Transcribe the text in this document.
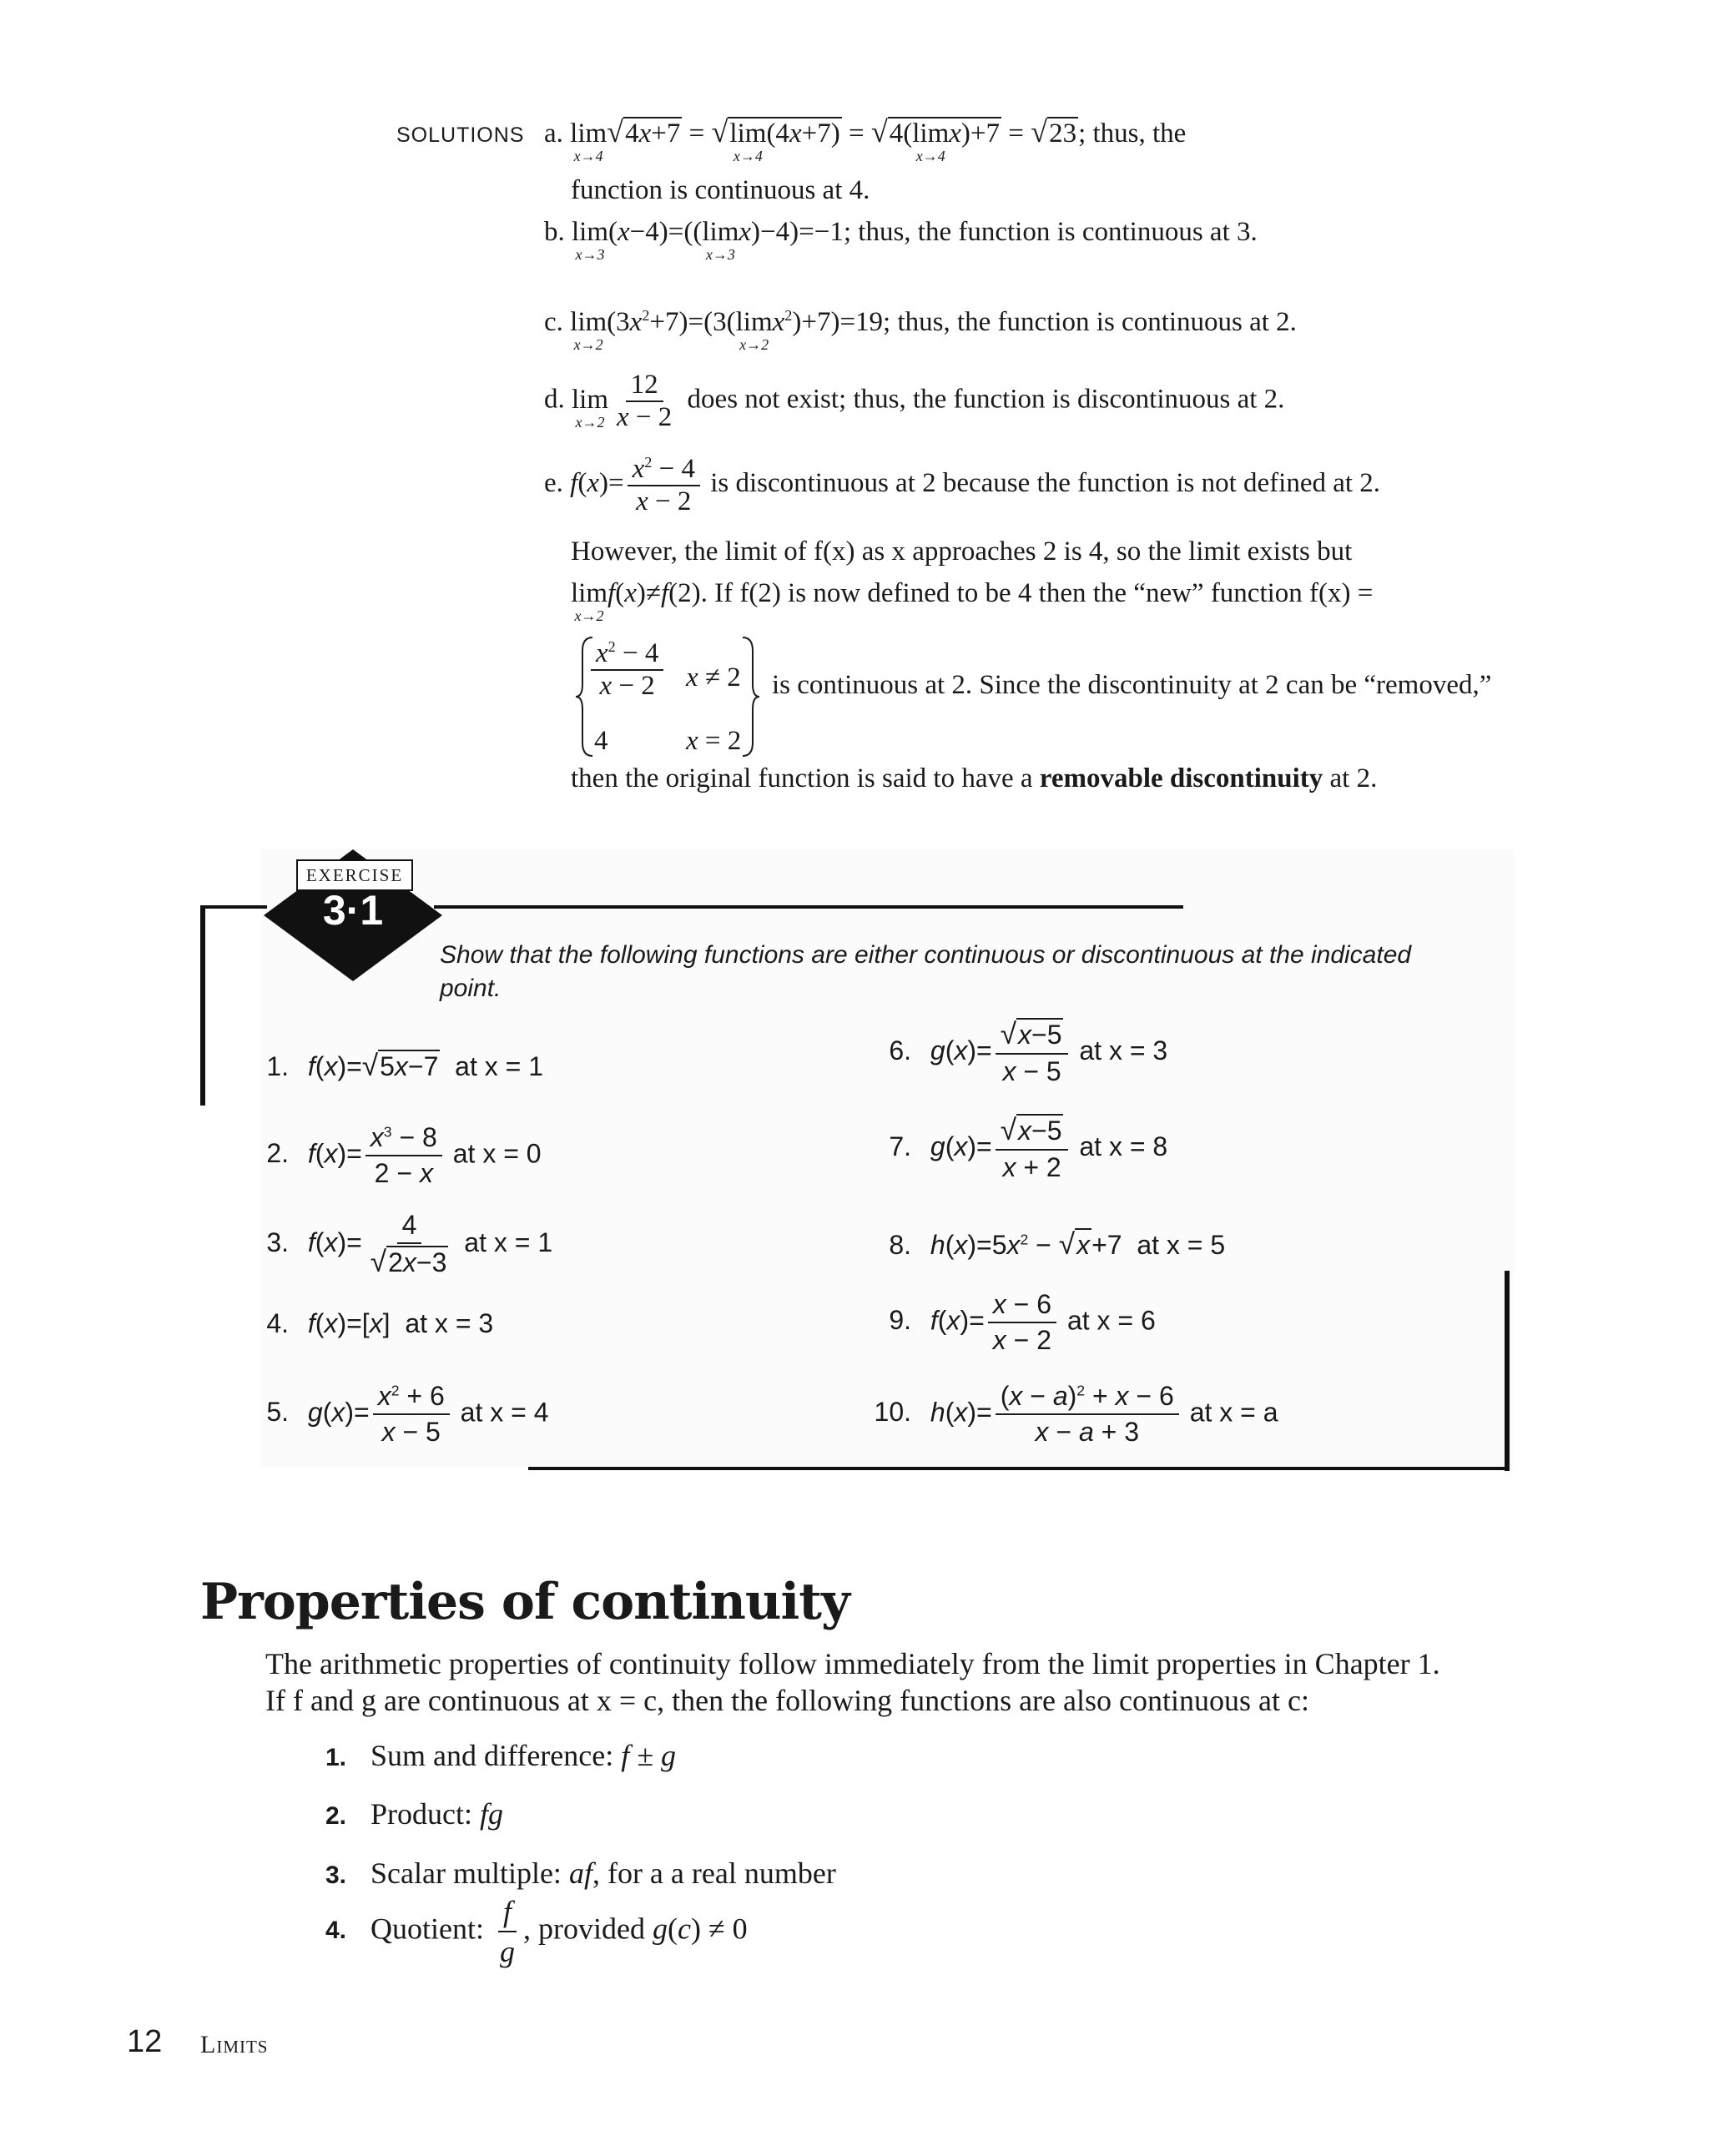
SOLUTIONS a. lim
x→4
√4x+7 = √lim
x→4
(4x+7) = √4(lim
x→4
x)+7 = √23; thus, the
function is continuous at 4.
b. lim
x→3
(x−4)=((lim
x→3
x)−4)=−1; thus, the function is continuous at 3.
c. lim
x→2
$(3x^2+7)=(3(\lim$
x→2
$x^2)+7)=19$; thus, the function is continuous at 2.
d. lim
$x\to 2 \frac{12}{x - 2}$ does not exist; thus, the function is discontinuous at 2.
e. $f(x)= \frac{x^2 - 4}{x - 2}$ is discontinuous at 2 because the function is not defined at 2.
However, the limit of f(x) as x approaches 2 is 4, so the limit exists but
lim
x→2
f(x)≠f(2). If f(2) is now defined to be 4 then the “new” function f(x) =
$\frac{x^2 - 4}{x - 2}$ x ≠ 2
4	x = 2
is continuous at 2. Since the discontinuity at 2 can be “removed,”
then the original function is said to have a removable discontinuity at 2.
EXERCISE
3·1
Show that the following functions are either continuous or discontinuous at the indicated point.
1. f(x)=√5x−7 at x = 1
2. $f(x)= \frac{x^3 - 8}{2 - x}$ at x = 0
3. $f(x)= \frac{4}{√2x-3}$ at x = 1
4. f(x)=[x]  at x = 3
5. $g(x)= \frac{x^2 + 6}{x - 5}$ at x = 4
6. $g(x)= \frac{√x-5}{x - 5}$ at x = 3
7. $g(x)= \frac{√x-5}{x + 2}$ at x = 8
8. $h(x)=5x^2 - √x+7$  at x = 5
9. $f(x)= \frac{x - 6}{x - 2}$ at x = 6
10. $h(x)= \frac{(x - a)^2 + x - 6}{x - a + 3}$ at x = a
Properties of continuity
The arithmetic properties of continuity follow immediately from the limit properties in Chapter 1.
If f and g are continuous at x = c, then the following functions are also continuous at c:
1. Sum and difference: f ± g
2. Product: fg
3. Scalar multiple: af, for a a real number
4. Quotient: $\frac{f}{g}$ , provided g(c) ≠ 0
12 Limits
